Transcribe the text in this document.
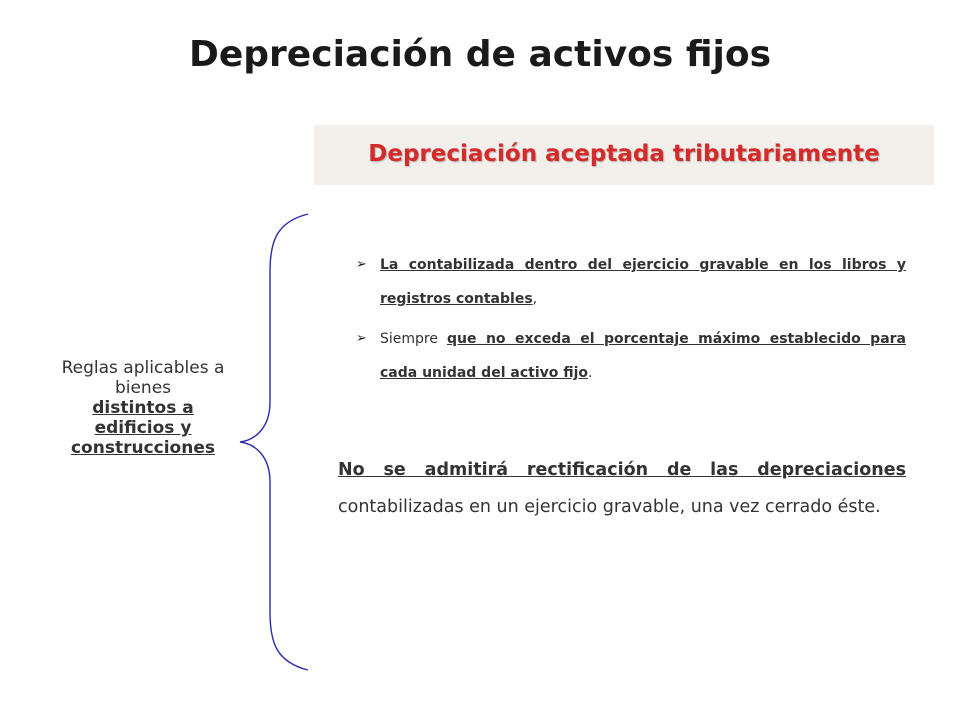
Depreciación de activos fijos
Depreciación aceptada tributariamente
Reglas aplicables a bienes
distintos a edificios y construcciones
➢ La contabilizada dentro del ejercicio gravable en los libros y registros contables,
➢ Siempre que no exceda el porcentaje máximo establecido para cada unidad del activo fijo.
No se admitirá rectificación de las depreciaciones contabilizadas en un ejercicio gravable, una vez cerrado éste.
